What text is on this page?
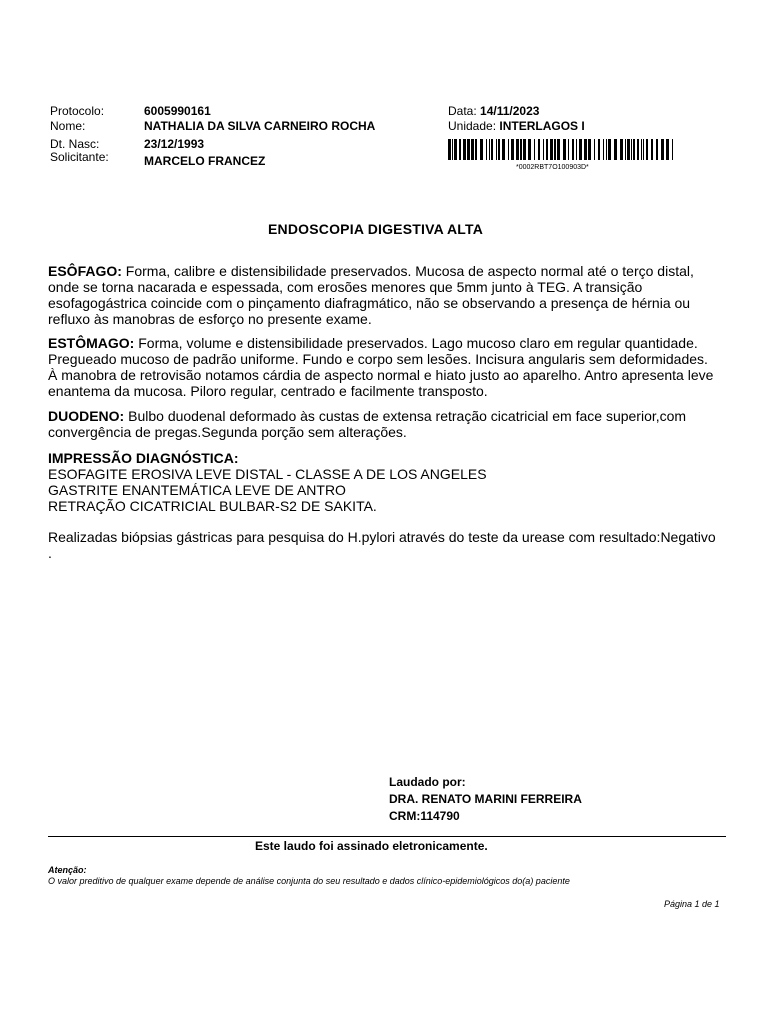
Protocolo:	6005990161
Nome:	NATHALIA DA SILVA CARNEIRO ROCHA
Dt. Nasc:	23/12/1993
Solicitante:	MARCELO FRANCEZ
Data: 14/11/2023
Unidade: INTERLAGOS I
*0002RBT7O100903D*
ENDOSCOPIA DIGESTIVA ALTA
ESÔFAGO: Forma, calibre e distensibilidade preservados. Mucosa de aspecto normal até o terço distal,
onde se torna nacarada e espessada, com erosões menores que 5mm junto à TEG. A transição
esofagogástrica coincide com o pinçamento diafragmático, não se observando a presença de hérnia ou
refluxo às manobras de esforço no presente exame.
ESTÔMAGO: Forma, volume e distensibilidade preservados. Lago mucoso claro em regular quantidade.
Pregueado mucoso de padrão uniforme. Fundo e corpo sem lesões. Incisura angularis sem deformidades.
À manobra de retrovisão notamos cárdia de aspecto normal e hiato justo ao aparelho. Antro apresenta leve
enantema da mucosa. Piloro regular, centrado e facilmente transposto.
DUODENO: Bulbo duodenal deformado às custas de extensa retração cicatricial em face superior,com
convergência de pregas.Segunda porção sem alterações.
IMPRESSÃO DIAGNÓSTICA:
ESOFAGITE EROSIVA LEVE DISTAL - CLASSE A DE LOS ANGELES
GASTRITE ENANTEMÁTICA LEVE DE ANTRO
RETRAÇÃO CICATRICIAL BULBAR-S2 DE SAKITA.
Realizadas biópsias gástricas para pesquisa do H.pylori através do teste da urease com resultado:Negativo
.
Laudado por:
DRA. RENATO MARINI FERREIRA
CRM:114790
Este laudo foi assinado eletronicamente.
Atenção:
O valor preditivo de qualquer exame depende de análise conjunta do seu resultado e dados clínico-epidemiológicos do(a) paciente
Página 1 de 1
